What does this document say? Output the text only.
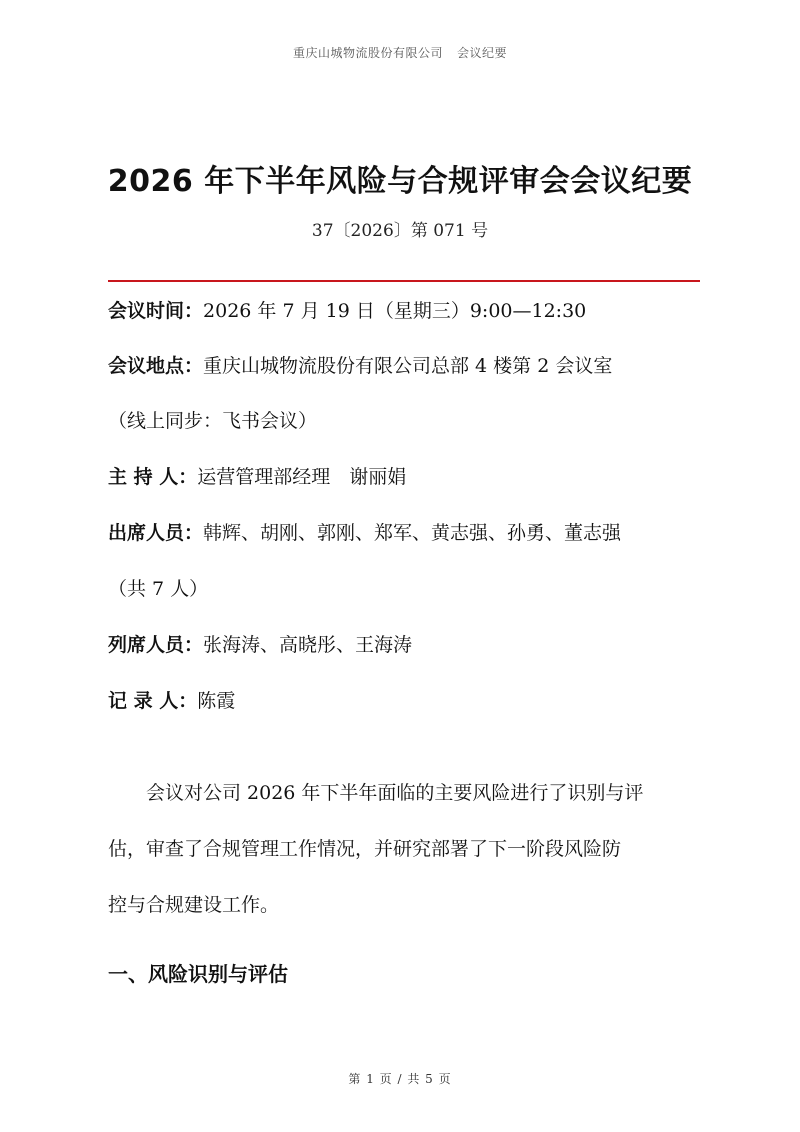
重庆山城物流股份有限公司 会议纪要
2026 年下半年风险与合规评审会会议纪要
37〔2026〕第 071 号
会议时间：2026 年 7 月 19 日（星期三）9:00—12:30
会议地点：重庆山城物流股份有限公司总部 4 楼第 2 会议室
（线上同步：飞书会议）
主 持 人：运营管理部经理　谢丽娟
出席人员：韩辉、胡刚、郭刚、郑军、黄志强、孙勇、董志强
（共 7 人）
列席人员：张海涛、高晓彤、王海涛
记 录 人：陈霞
会议对公司 2026 年下半年面临的主要风险进行了识别与评
估，审查了合规管理工作情况，并研究部署了下一阶段风险防
控与合规建设工作。
一、风险识别与评估
第 1 页 / 共 5 页
